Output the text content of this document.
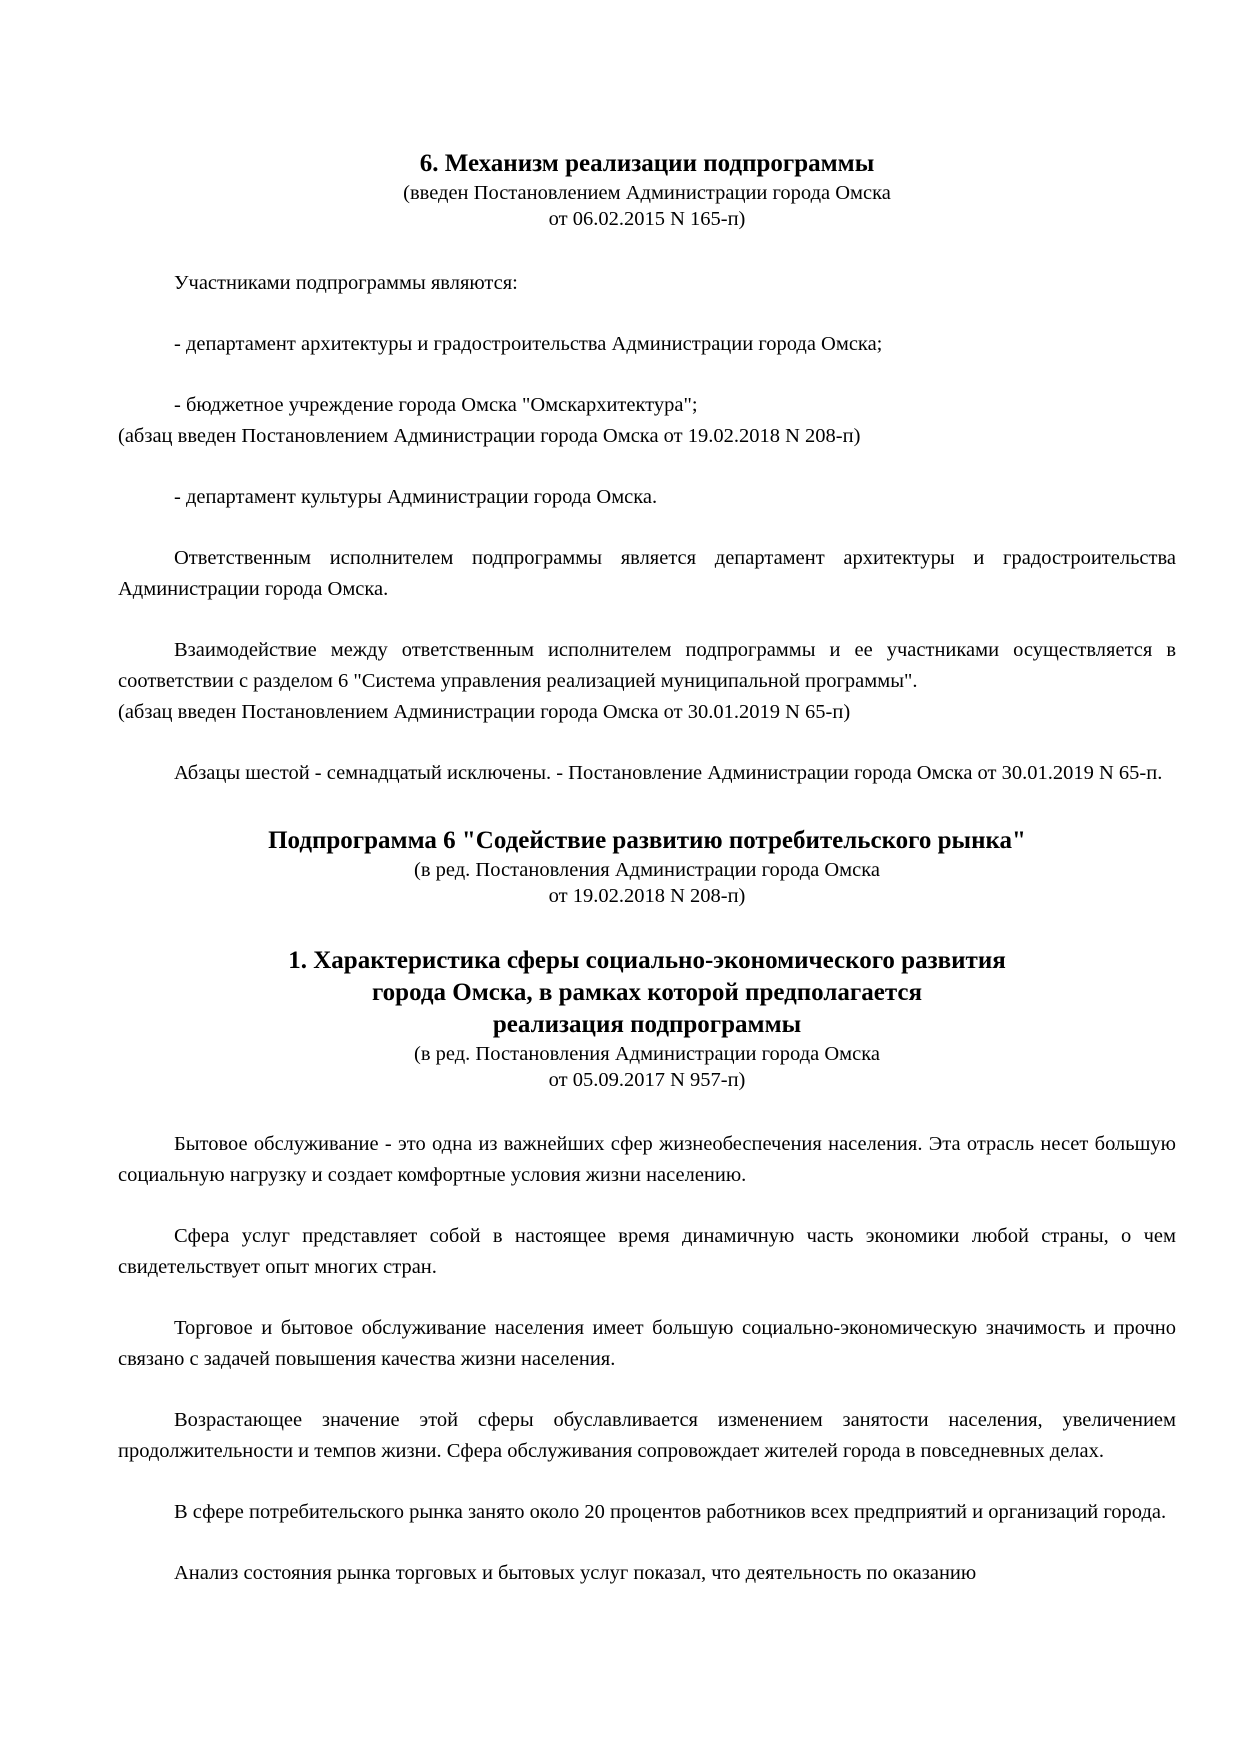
6. Механизм реализации подпрограммы
(введен Постановлением Администрации города Омска
от 06.02.2015 N 165-п)

Участниками подпрограммы являются:

- департамент архитектуры и градостроительства Администрации города Омска;

- бюджетное учреждение города Омска "Омскархитектура";

(абзац введен Постановлением Администрации города Омска от 19.02.2018 N 208-п)

- департамент культуры Администрации города Омска.

Ответственным исполнителем подпрограммы является департамент архитектуры и градостроительства Администрации города Омска.

Взаимодействие между ответственным исполнителем подпрограммы и ее участниками осуществляется в соответствии с разделом 6 "Система управления реализацией муниципальной программы".

(абзац введен Постановлением Администрации города Омска от 30.01.2019 N 65-п)

Абзацы шестой - семнадцатый исключены. - Постановление Администрации города Омска от 30.01.2019 N 65-п.

Подпрограмма 6 "Содействие развитию потребительского рынка"
(в ред. Постановления Администрации города Омска
от 19.02.2018 N 208-п)
1. Характеристика сферы социально-экономического развития
города Омска, в рамках которой предполагается
реализация подпрограммы
(в ред. Постановления Администрации города Омска
от 05.09.2017 N 957-п)

Бытовое обслуживание - это одна из важнейших сфер жизнеобеспечения населения. Эта отрасль несет большую социальную нагрузку и создает комфортные условия жизни населению.

Сфера услуг представляет собой в настоящее время динамичную часть экономики любой страны, о чем свидетельствует опыт многих стран.

Торговое и бытовое обслуживание населения имеет большую социально-экономическую значимость и прочно связано с задачей повышения качества жизни населения.

Возрастающее значение этой сферы обуславливается изменением занятости населения, увеличением продолжительности и темпов жизни. Сфера обслуживания сопровождает жителей города в повседневных делах.

В сфере потребительского рынка занято около 20 процентов работников всех предприятий и организаций города.

Анализ состояния рынка торговых и бытовых услуг показал, что деятельность по оказанию
